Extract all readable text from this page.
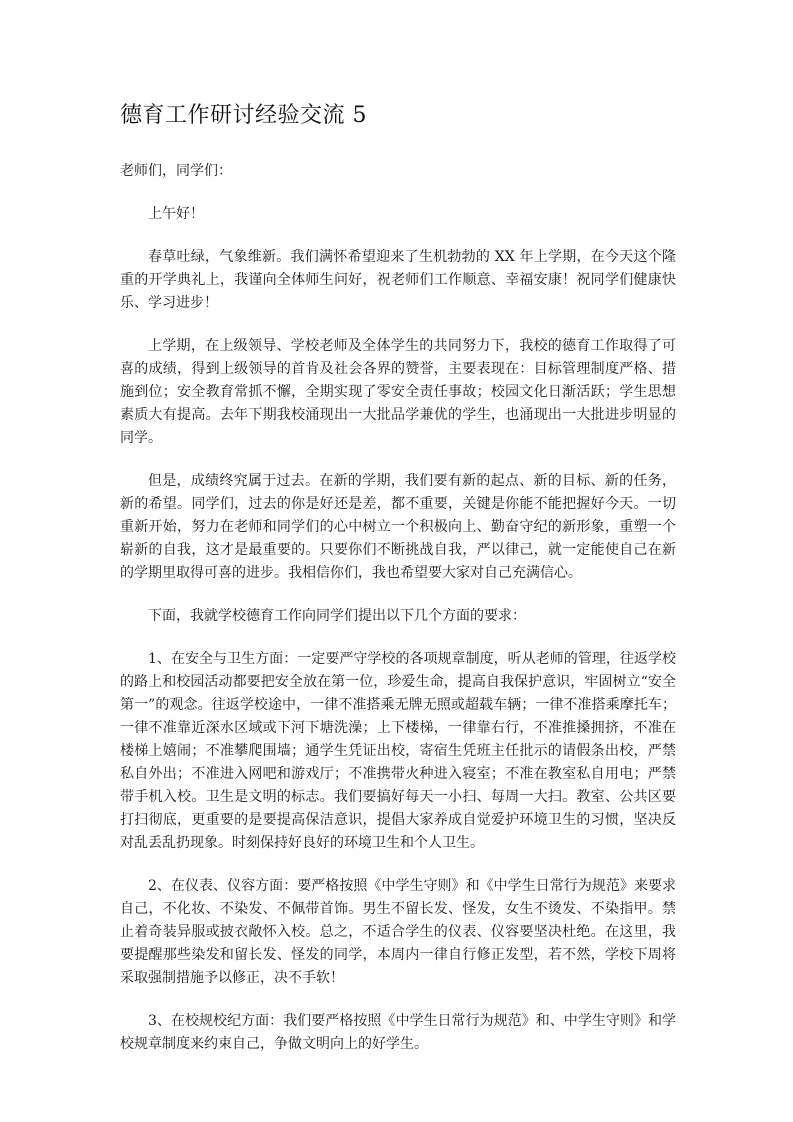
德育工作研讨经验交流 5

老师们，同学们：

上午好！

春草吐绿，气象维新。我们满怀希望迎来了生机勃勃的 XX 年上学期，在今天这个隆重的开学典礼上，我谨向全体师生问好，祝老师们工作顺意、幸福安康！祝同学们健康快乐、学习进步！

上学期，在上级领导、学校老师及全体学生的共同努力下，我校的德育工作取得了可喜的成绩，得到上级领导的首肯及社会各界的赞誉，主要表现在：目标管理制度严格、措施到位；安全教育常抓不懈，全期实现了零安全责任事故；校园文化日渐活跃；学生思想素质大有提高。去年下期我校涌现出一大批品学兼优的学生，也涌现出一大批进步明显的同学。

但是，成绩终究属于过去。在新的学期，我们要有新的起点、新的目标、新的任务，新的希望。同学们，过去的你是好还是差，都不重要，关键是你能不能把握好今天。一切重新开始，努力在老师和同学们的心中树立一个积极向上、勤奋守纪的新形象，重塑一个崭新的自我，这才是最重要的。只要你们不断挑战自我，严以律己，就一定能使自己在新的学期里取得可喜的进步。我相信你们，我也希望要大家对自己充满信心。

下面，我就学校德育工作向同学们提出以下几个方面的要求：

1、在安全与卫生方面：一定要严守学校的各项规章制度，听从老师的管理，往返学校的路上和校园活动都要把安全放在第一位，珍爱生命，提高自我保护意识，牢固树立“安全第一”的观念。往返学校途中，一律不准搭乘无牌无照或超载车辆；一律不准搭乘摩托车；一律不准靠近深水区域或下河下塘洗澡；上下楼梯，一律靠右行，不准推搡拥挤，不准在楼梯上嬉闹；不准攀爬围墙；通学生凭证出校，寄宿生凭班主任批示的请假条出校，严禁私自外出；不准进入网吧和游戏厅；不准携带火种进入寝室；不准在教室私自用电；严禁带手机入校。卫生是文明的标志。我们要搞好每天一小扫、每周一大扫。教室、公共区要打扫彻底，更重要的是要提高保洁意识，提倡大家养成自觉爱护环境卫生的习惯，坚决反对乱丢乱扔现象。时刻保持好良好的环境卫生和个人卫生。

2、在仪表、仪容方面：要严格按照《中学生守则》和《中学生日常行为规范》来要求自己，不化妆、不染发、不佩带首饰。男生不留长发、怪发，女生不烫发、不染指甲。禁止着奇装异服或披衣敞怀入校。总之，不适合学生的仪表、仪容要坚决杜绝。在这里，我要提醒那些染发和留长发、怪发的同学，本周内一律自行修正发型，若不然，学校下周将采取强制措施予以修正，决不手软！

3、在校规校纪方面：我们要严格按照《中学生日常行为规范》和、中学生守则》和学校规章制度来约束自己，争做文明向上的好学生。
